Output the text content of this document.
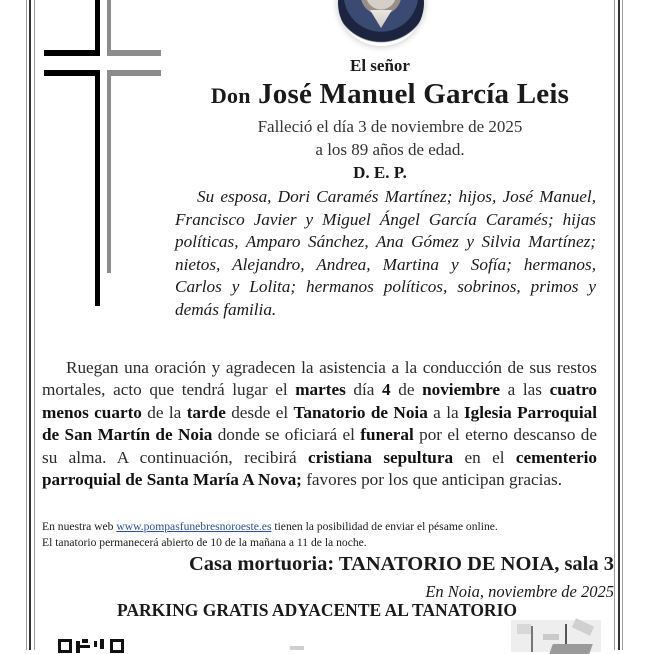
El señor
Don José Manuel García Leis
Falleció el día 3 de noviembre de 2025
a los 89 años de edad.
D. E. P.
Su esposa, Dori Caramés Martínez; hijos, José Manuel, Francisco Javier y Miguel Ángel García Caramés; hijas políticas, Amparo Sánchez, Ana Gómez y Silvia Martínez; nietos, Alejandro, Andrea, Martina y Sofía; hermanos, Carlos y Lolita; hermanos políticos, sobrinos, primos y demás familia.
Ruegan una oración y agradecen la asistencia a la conducción de sus restos mortales, acto que tendrá lugar el martes día 4 de noviembre a las cuatro menos cuarto de la tarde desde el Tanatorio de Noia a la Iglesia Parroquial de San Martín de Noia donde se oficiará el funeral por el eterno descanso de su alma. A continuación, recibirá cristiana sepultura en el cementerio parroquial de Santa María A Nova; favores por los que anticipan gracias.
En nuestra web www.pompasfunebresnoroeste.es tienen la posibilidad de enviar el pésame online.
El tanatorio permanecerá abierto de 10 de la mañana a 11 de la noche.
Casa mortuoria: TANATORIO DE NOIA, sala 3
En Noia, noviembre de 2025
PARKING GRATIS ADYACENTE AL TANATORIO
